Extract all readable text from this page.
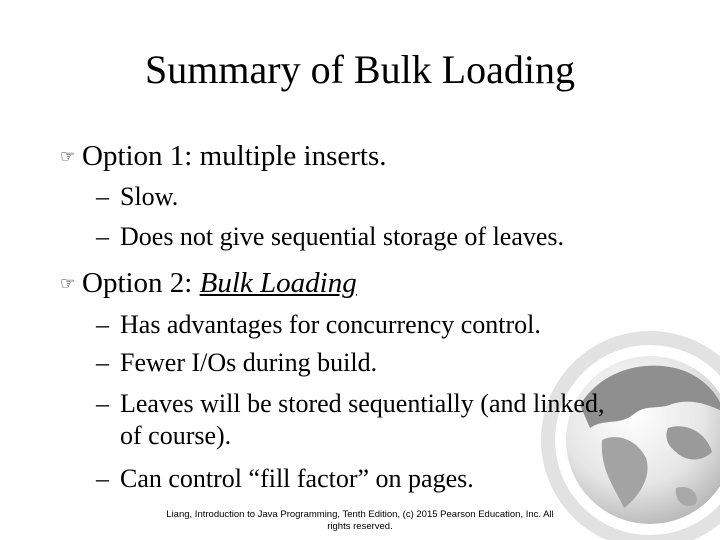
Summary of Bulk Loading
☞ Option 1: multiple inserts.
– Slow.
– Does not give sequential storage of leaves.
☞ Option 2: Bulk Loading
– Has advantages for concurrency control.
– Fewer I/Os during build.
– Leaves will be stored sequentially (and linked,
of course).
– Can control “fill factor” on pages.
Liang, Introduction to Java Programming, Tenth Edition, (c) 2015 Pearson Education, Inc. All
rights reserved.
